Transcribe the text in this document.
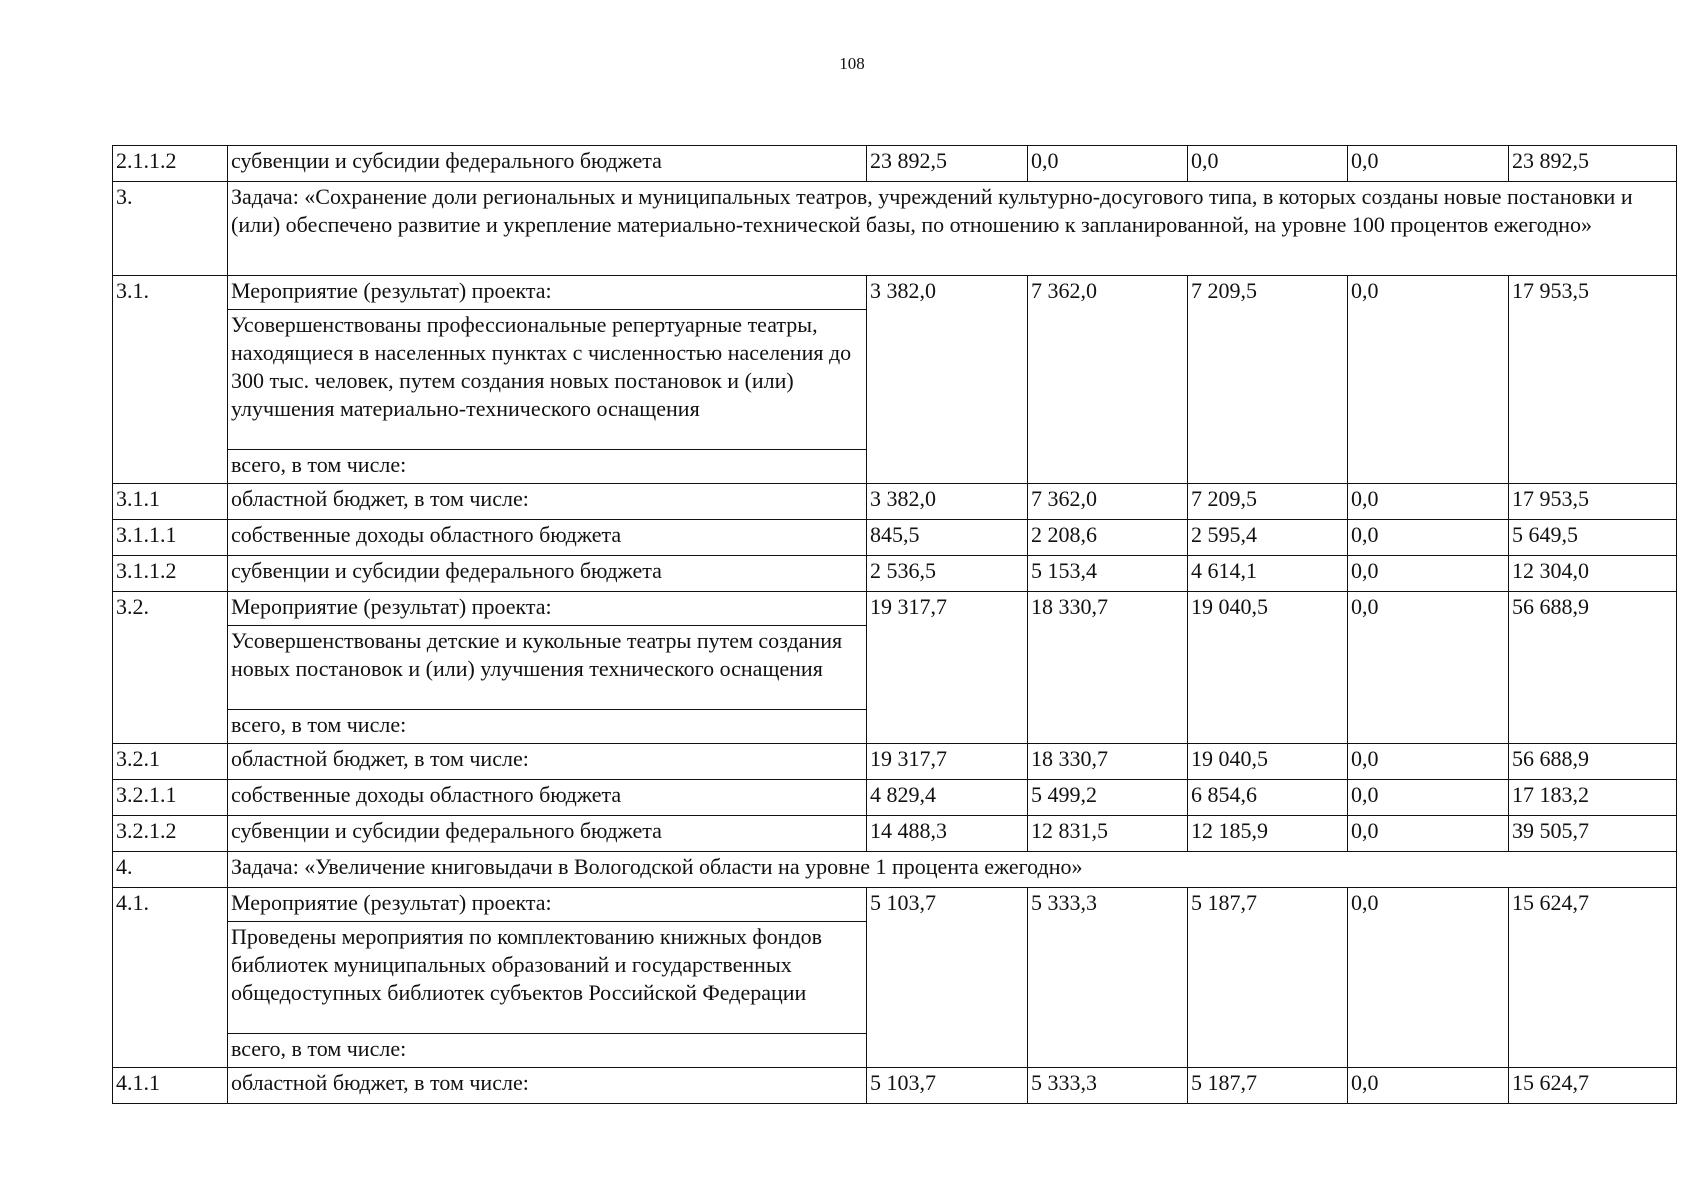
108
2.1.1.2	субвенции и субсидии федерального бюджета	23 892,5	0,0	0,0	0,0	23 892,5
3.	Задача: «Сохранение доли региональных и муниципальных театров, учреждений культурно-досугового типа, в которых созданы новые постановки и (или) обеспечено развитие и укрепление материально-технической базы, по отношению к запланированной, на уровне 100 процентов ежегодно»					
3.1.	Мероприятие (результат) проекта:	3 382,0	7 362,0	7 209,5	0,0	17 953,5
	Усовершенствованы профессиональные репертуарные театры, находящиеся в населенных пунктах с численностью населения до 300 тыс. человек, путем создания новых постановок и (или) улучшения материально-технического оснащения					
	всего, в том числе:					
3.1.1	областной бюджет, в том числе:	3 382,0	7 362,0	7 209,5	0,0	17 953,5
3.1.1.1	собственные доходы областного бюджета	845,5	2 208,6	2 595,4	0,0	5 649,5
3.1.1.2	субвенции и субсидии федерального бюджета	2 536,5	5 153,4	4 614,1	0,0	12 304,0
3.2.	Мероприятие (результат) проекта:	19 317,7	18 330,7	19 040,5	0,0	56 688,9
	Усовершенствованы детские и кукольные театры путем создания новых постановок и (или) улучшения технического оснащения					
	всего, в том числе:					
3.2.1	областной бюджет, в том числе:	19 317,7	18 330,7	19 040,5	0,0	56 688,9
3.2.1.1	собственные доходы областного бюджета	4 829,4	5 499,2	6 854,6	0,0	17 183,2
3.2.1.2	субвенции и субсидии федерального бюджета	14 488,3	12 831,5	12 185,9	0,0	39 505,7
4.	Задача: «Увеличение книговыдачи в Вологодской области на уровне 1 процента ежегодно»					
4.1.	Мероприятие (результат) проекта:	5 103,7	5 333,3	5 187,7	0,0	15 624,7
	Проведены мероприятия по комплектованию книжных фондов библиотек муниципальных образований и государственных общедоступных библиотек субъектов Российской Федерации					
	всего, в том числе:					
4.1.1	областной бюджет, в том числе:	5 103,7	5 333,3	5 187,7	0,0	15 624,7
